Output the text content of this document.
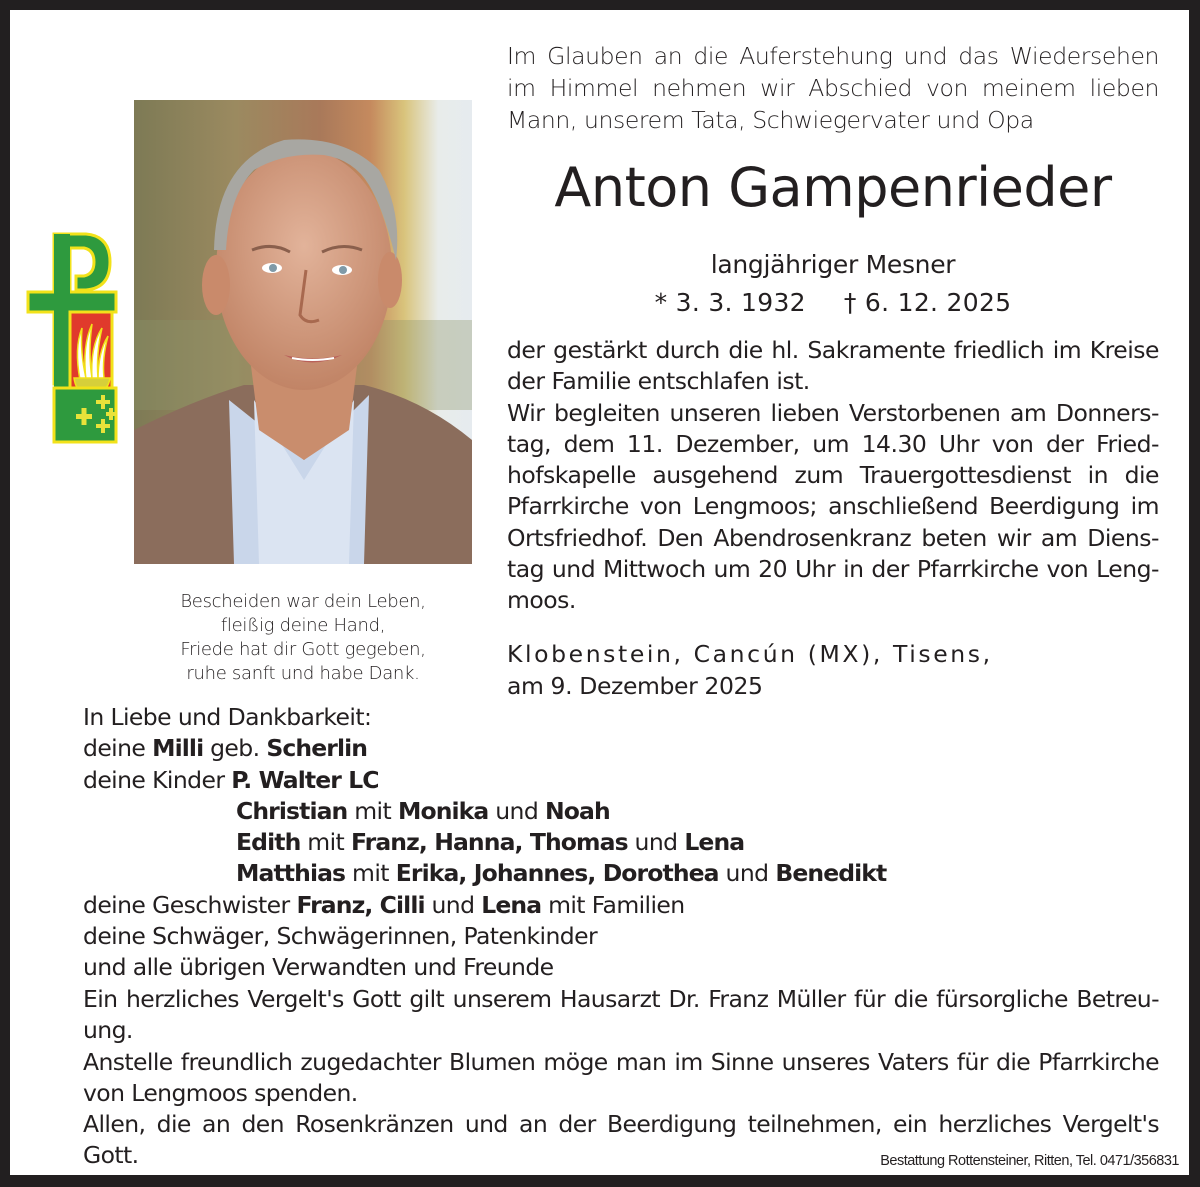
Bescheiden war dein Leben,
fleißig deine Hand,
Friede hat dir Gott gegeben,
ruhe sanft und habe Dank.
Im Glauben an die Auferstehung und das Wiedersehen
im Himmel nehmen wir Abschied von meinem lieben
Mann, unserem Tata, Schwiegervater und Opa
Anton Gampenrieder
langjähriger Mesner
* 3. 3. 1932 † 6. 12. 2025
der gestärkt durch die hl. Sakramente friedlich im Kreise
der Familie entschlafen ist.
Wir begleiten unseren lieben Verstorbenen am Donners-
tag, dem 11. Dezember, um 14.30 Uhr von der Fried-
hofskapelle ausgehend zum Trauergottesdienst in die
Pfarrkirche von Lengmoos; anschließend Beerdigung im
Ortsfriedhof. Den Abendrosenkranz beten wir am Diens-
tag und Mittwoch um 20 Uhr in der Pfarrkirche von Leng-
moos.
Klobenstein, Cancún (MX), Tisens,
am 9. Dezember 2025
In Liebe und Dankbarkeit:
deine Milli geb. Scherlin
deine Kinder P. Walter LC
Christian mit Monika und Noah
Edith mit Franz, Hanna, Thomas und Lena
Matthias mit Erika, Johannes, Dorothea und Benedikt
deine Geschwister Franz, Cilli und Lena mit Familien
deine Schwäger, Schwägerinnen, Patenkinder
und alle übrigen Verwandten und Freunde
Ein herzliches Vergelt's Gott gilt unserem Hausarzt Dr. Franz Müller für die fürsorgliche Betreu-
ung.
Anstelle freundlich zugedachter Blumen möge man im Sinne unseres Vaters für die Pfarrkirche
von Lengmoos spenden.
Allen, die an den Rosenkränzen und an der Beerdigung teilnehmen, ein herzliches Vergelt's
Gott.	Bestattung Rottensteiner, Ritten, Tel. 0471/356831
